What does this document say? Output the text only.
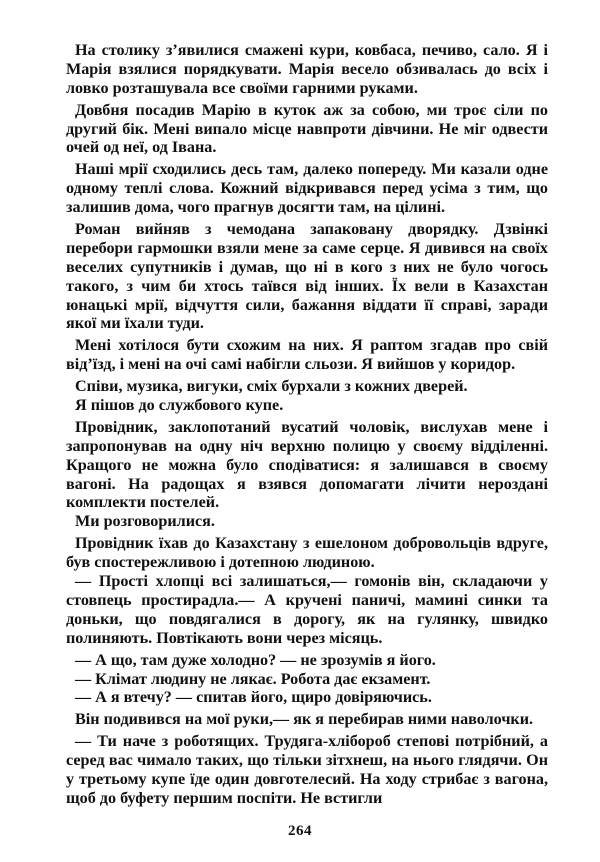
На столику з’явилися смажені кури, ковбаса, печиво, сало. Я і Марія взялися порядкувати. Марія весело обзивалась до всіх і ловко розташувала все своїми гарними руками.

Довбня посадив Марію в куток аж за собою, ми троє сіли по другий бік. Мені випало місце навпроти дівчини. Не міг одвести очей од неї, од Івана.

Наші мрії сходились десь там, далеко попереду. Ми казали одне одному теплі слова. Кожний відкривався перед усіма з тим, що залишив дома, чого прагнув досягти там, на цілині.

Роман вийняв з чемодана запаковану дворядку. Дзвінкі перебори гармошки взяли мене за саме серце. Я дивився на своїх веселих супутників і думав, що ні в кого з них не було чогось такого, з чим би хтось таївся від інших. Їх вели в Казахстан юнацькі мрії, відчуття сили, бажання віддати її справі, заради якої ми їхали туди.

Мені хотілося бути схожим на них. Я раптом згадав про свій від’їзд, і мені на очі самі набігли сльози. Я вийшов у коридор.

Співи, музика, вигуки, сміх бурхали з кожних дверей.

Я пішов до службового купе.

Провідник, заклопотаний вусатий чоловік, вислухав мене і запропонував на одну ніч верхню полицю у своєму відділенні. Кращого не можна було сподіватися: я залишався в своєму вагоні. На радощах я взявся допомагати лічити нерозданi комплекти постелей.

Ми розговорилися.

Провідник їхав до Казахстану з ешелоном добровольців вдруге, був спостережливою і дотепною людиною.

— Прості хлопці всі залишаться,— гомонів він, складаючи у стовпець простирадла.— А кручені паничі, мамині синки та доньки, що повдягалися в дорогу, як на гулянку, швидко полиняють. Повтікають вони через місяць.

— А що, там дуже холодно? — не зрозумів я його.

— Клімат людину не лякає. Робота дає екзамент.

— А я втечу? — спитав його, щиро довіряючись.

Він подивився на мої руки,— як я перебирав ними наволочки.

— Ти наче з роботящих. Трудяга-хлібороб степові потрібний, а серед вас чимало таких, що тільки зітхнеш, на нього глядячи. Он у третьому купе їде один довготелесий. На ходу стрибає з вагона, щоб до буфету першим поспіти. Не встигли

264
